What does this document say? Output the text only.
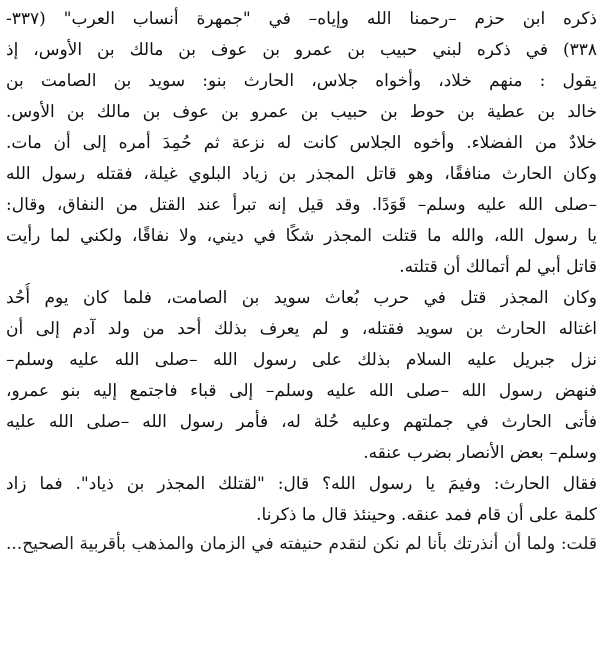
ذكره ابن حزم –رحمنا الله وإياه– في "جمهرة أنساب العرب" (٣٣٧-
٣٣٨) في ذكره لبني حبيب بن عمرو بن عوف بن مالك بن الأوس، إذ
يقول : منهم خلاد، وأخواه جلاس، الحارث بنو: سويد بن الصامت بن
خالد بن عطية بن حوط بن حبيب بن عمرو بن عوف بن مالك بن الأوس.
خلادٌ من الفضلاء. وأخوه الجلاس كانت له نزعة ثم حُمِدَ أمره إلى أن مات.
وكان الحارث منافقًا، وهو قاتل المجذر بن زياد البلوي غيلة، فقتله رسول الله
–صلى الله عليه وسلم– قَوَدًا. وقد قيل إنه تبرأ عند القتل من النفاق، وقال:
يا رسول الله، والله ما قتلت المجذر شكًا في ديني، ولا نفاقًا، ولكني لما رأيت
قاتل أبي لم أتمالك أن قتلته.
وكان المجذر قتل في حرب بُعاث سويد بن الصامت، فلما كان يوم أُحُد
اغتاله الحارث بن سويد فقتله، و لم يعرف بذلك أحد من ولد آدم إلى أن
نزل جبريل عليه السلام بذلك على رسول الله –صلى الله عليه وسلم–
فنهض رسول الله –صلى الله عليه وسلم– إلى قباء فاجتمع إليه بنو عمرو،
فأتى الحارث في جملتهم وعليه حُلة له، فأمر رسول الله –صلى الله عليه
وسلم– بعض الأنصار بضرب عنقه.
فقال الحارث: وفيمَ يا رسول الله؟ قال: "لقتلك المجذر بن ذياد". فما زاد
كلمة على أن قام فمد عنقه. وحينئذ قال ما ذكرنا.
قلت: ولما أن أنذرتك بأنا لم نكن لنقدم حنيفته في الزمان والمذهب بأقربية الصحيح...
